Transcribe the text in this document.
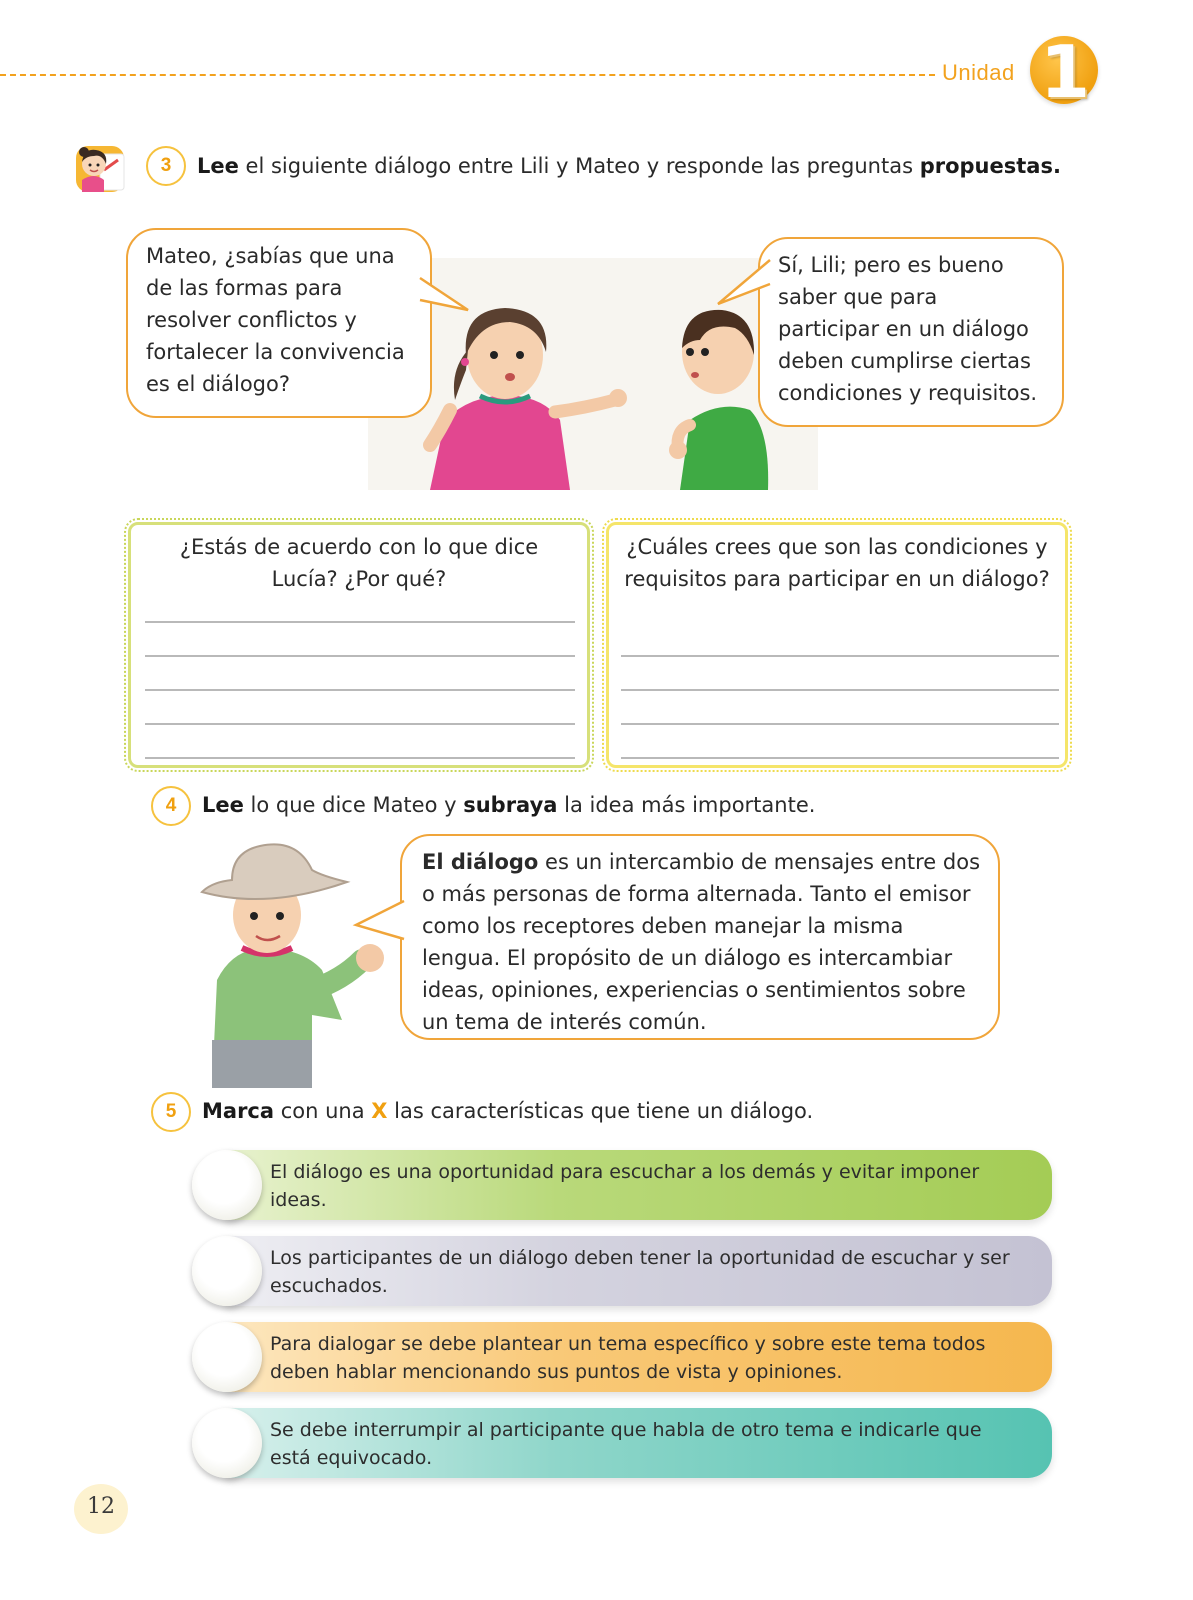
Unidad 1
3	Lee el siguiente diálogo entre Lili y Mateo y responde las preguntas propuestas.
Mateo, ¿sabías que una de las formas para resolver conflictos y fortalecer la convivencia es el diálogo?
Sí, Lili; pero es bueno saber que para participar en un diálogo deben cumplirse ciertas condiciones y requisitos.
¿Estás de acuerdo con lo que dice Lucía? ¿Por qué?
¿Cuáles crees que son las condiciones y requisitos para participar en un diálogo?
4	Lee lo que dice Mateo y subraya la idea más importante.
El diálogo es un intercambio de mensajes entre dos o más personas de forma alternada. Tanto el emisor como los receptores deben manejar la misma lengua. El propósito de un diálogo es intercambiar ideas, opiniones, experiencias o sentimientos sobre un tema de interés común.
5	Marca con una X las características que tiene un diálogo.
El diálogo es una oportunidad para escuchar a los demás y evitar imponer ideas.
Los participantes de un diálogo deben tener la oportunidad de escuchar y ser escuchados.
Para dialogar se debe plantear un tema específico y sobre este tema todos deben hablar mencionando sus puntos de vista y opiniones.
Se debe interrumpir al participante que habla de otro tema e indicarle que está equivocado.
12
